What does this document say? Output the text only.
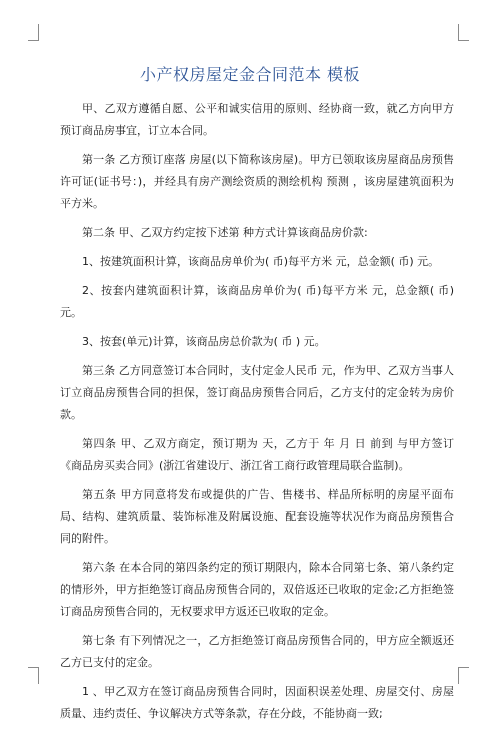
小产权房屋定金合同范本 模板

甲、乙双方遵循自愿、公平和诚实信用的原则、经协商一致，就乙方向甲方预订商品房事宜，订立本合同。

第一条 乙方预订座落 房屋(以下简称该房屋)。甲方已领取该房屋商品房预售许可证(证书号：)，并经具有房产测绘资质的测绘机构 预测 ，该房屋建筑面积为 平方米。

第二条 甲、乙双方约定按下述第 种方式计算该商品房价款:

1、按建筑面积计算，该商品房单价为( 币)每平方米 元，总金额( 币) 元。

2、按套内建筑面积计算，该商品房单价为( 币)每平方米 元，总金额( 币) 元。

3、按套(单元)计算，该商品房总价款为( 币 ) 元。

第三条 乙方同意签订本合同时，支付定金人民币 元，作为甲、乙双方当事人订立商品房预售合同的担保，签订商品房预售合同后，乙方支付的定金转为房价款。

第四条 甲、乙双方商定，预订期为 天，乙方于 年 月 日 前到 与甲方签订《商品房买卖合同》(浙江省建设厅、浙江省工商行政管理局联合监制)。

第五条 甲方同意将发布或提供的广告、售楼书、样品所标明的房屋平面布局、结构、建筑质量、装饰标准及附属设施、配套设施等状况作为商品房预售合同的附件。

第六条 在本合同的第四条约定的预订期限内，除本合同第七条、第八条约定的情形外，甲方拒绝签订商品房预售合同的，双倍返还已收取的定金;乙方拒绝签订商品房预售合同的，无权要求甲方返还已收取的定金。

第七条 有下列情况之一，乙方拒绝签订商品房预售合同的，甲方应全额返还乙方已支付的定金。

1 、甲乙双方在签订商品房预售合同时，因面积误差处理、房屋交付、房屋质量、违约责任、争议解决方式等条款，存在分歧，不能协商一致;
